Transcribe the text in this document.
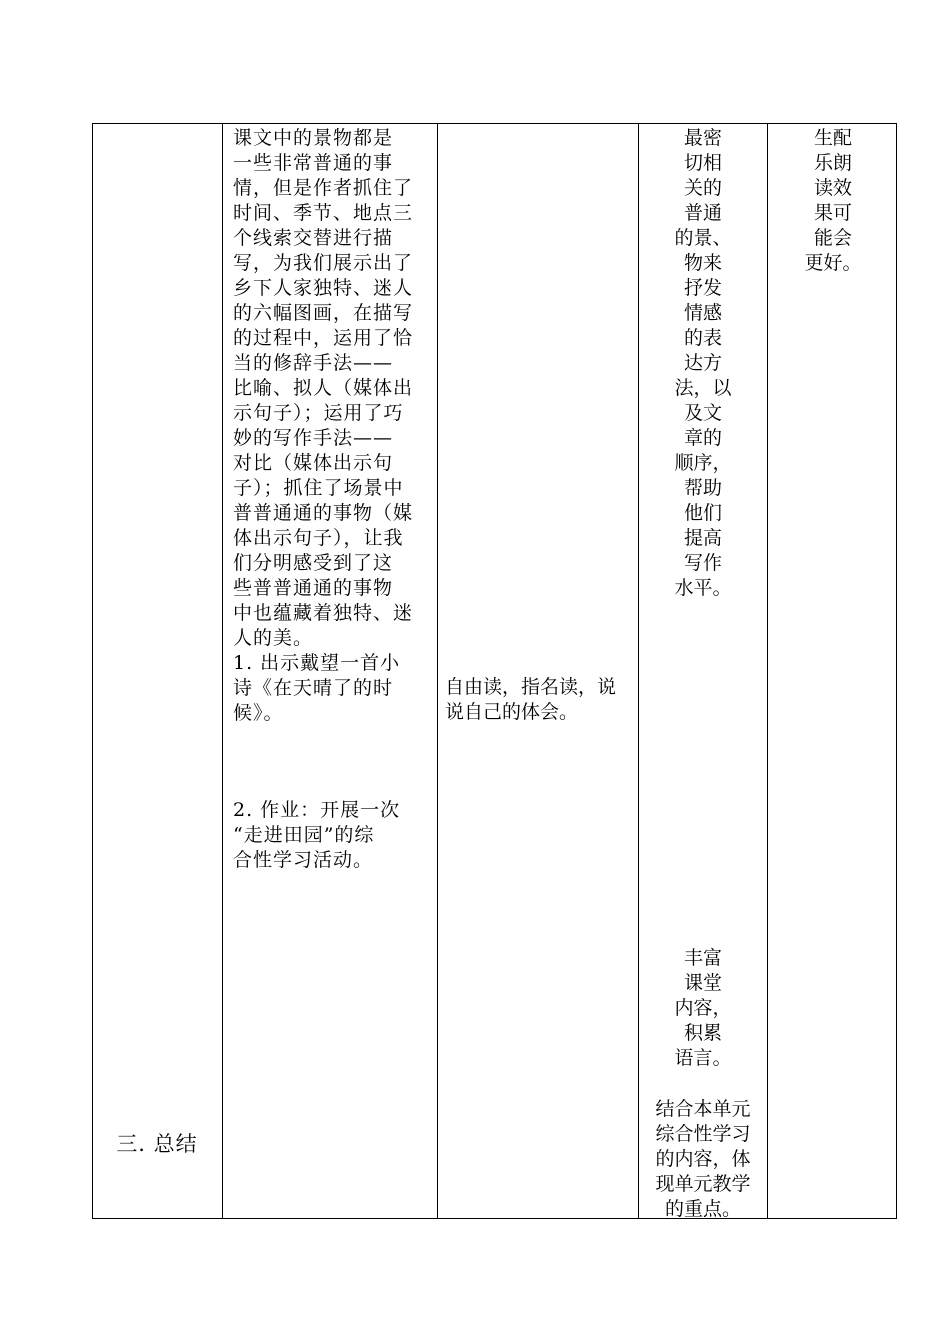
三. 总结
课文中的景物都是
一些非常普通的事
情，但是作者抓住了
时间、季节、地点三
个线索交替进行描
写，为我们展示出了
乡下人家独特、迷人
的六幅图画，在描写
的过程中，运用了恰
当的修辞手法——
比喻、拟人（媒体出
示句子）；运用了巧
妙的写作手法——
对比（媒体出示句
子）；抓住了场景中
普普通通的事物（媒
体出示句子），让我
们分明感受到了这
些普普通通的事物
中也蕴藏着独特、迷
人的美。
1. 出示戴望一首小
诗《在天晴了的时
候》。
2. 作业：开展一次
“走进田园”的综
合性学习活动。
自由读，指名读，说
说自己的体会。
最密
切相
关的
普通
的景、
物来
抒发
情感
的表
达方
法，以
及文
章的
顺序，
帮助
他们
提高
写作
水平。
丰富
课堂
内容，
积累
语言。
结合本单元
综合性学习
的内容，体
现单元教学
的重点。
生配
乐朗
读效
果可
能会
更好。
